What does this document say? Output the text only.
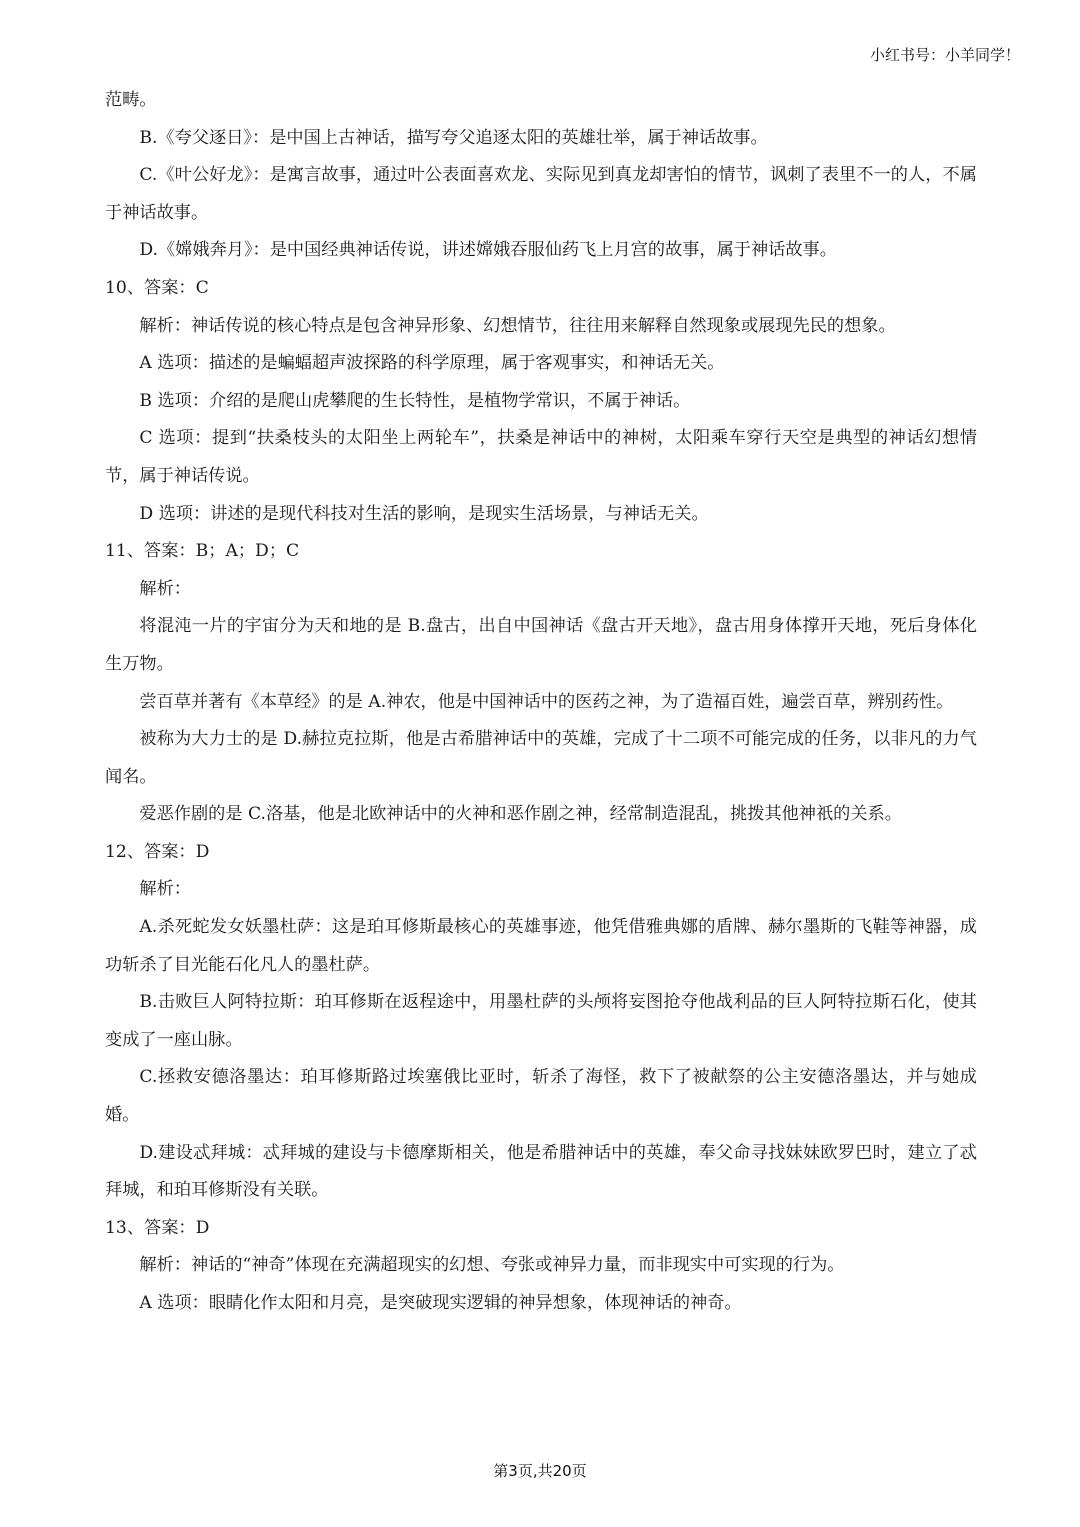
小红书号：小羊同学！

范畴。

B.《夸父逐日》：是中国上古神话，描写夸父追逐太阳的英雄壮举，属于神话故事。

C.《叶公好龙》：是寓言故事，通过叶公表面喜欢龙、实际见到真龙却害怕的情节，讽刺了表里不一的人，不属于神话故事。

D.《嫦娥奔月》：是中国经典神话传说，讲述嫦娥吞服仙药飞上月宫的故事，属于神话故事。

10、答案：C

解析：神话传说的核心特点是包含神异形象、幻想情节，往往用来解释自然现象或展现先民的想象。

A 选项：描述的是蝙蝠超声波探路的科学原理，属于客观事实，和神话无关。

B 选项：介绍的是爬山虎攀爬的生长特性，是植物学常识，不属于神话。

C 选项：提到“扶桑枝头的太阳坐上两轮车”，扶桑是神话中的神树，太阳乘车穿行天空是典型的神话幻想情节，属于神话传说。

D 选项：讲述的是现代科技对生活的影响，是现实生活场景，与神话无关。

11、答案：B；A；D；C

解析：

将混沌一片的宇宙分为天和地的是 B.盘古，出自中国神话《盘古开天地》，盘古用身体撑开天地，死后身体化生万物。

尝百草并著有《本草经》的是 A.神农，他是中国神话中的医药之神，为了造福百姓，遍尝百草，辨别药性。

被称为大力士的是 D.赫拉克拉斯，他是古希腊神话中的英雄，完成了十二项不可能完成的任务，以非凡的力气闻名。

爱恶作剧的是 C.洛基，他是北欧神话中的火神和恶作剧之神，经常制造混乱，挑拨其他神祇的关系。

12、答案：D

解析：

A.杀死蛇发女妖墨杜萨：这是珀耳修斯最核心的英雄事迹，他凭借雅典娜的盾牌、赫尔墨斯的飞鞋等神器，成功斩杀了目光能石化凡人的墨杜萨。

B.击败巨人阿特拉斯：珀耳修斯在返程途中，用墨杜萨的头颅将妄图抢夺他战利品的巨人阿特拉斯石化，使其变成了一座山脉。

C.拯救安德洛墨达：珀耳修斯路过埃塞俄比亚时，斩杀了海怪，救下了被献祭的公主安德洛墨达，并与她成婚。

D.建设忒拜城：忒拜城的建设与卡德摩斯相关，他是希腊神话中的英雄，奉父命寻找妹妹欧罗巴时，建立了忒拜城，和珀耳修斯没有关联。

13、答案：D

解析：神话的“神奇”体现在充满超现实的幻想、夸张或神异力量，而非现实中可实现的行为。

A 选项：眼睛化作太阳和月亮，是突破现实逻辑的神异想象，体现神话的神奇。

第3页,共20页
